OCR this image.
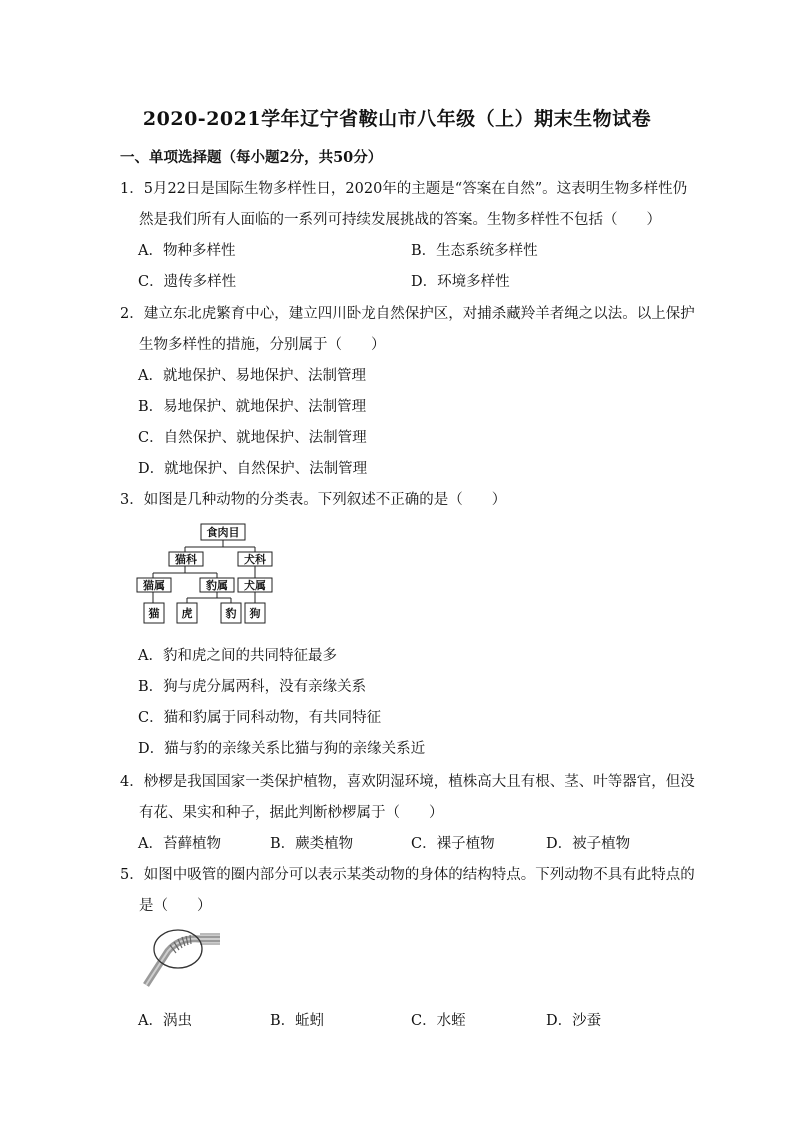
2020-2021学年辽宁省鞍山市八年级（上）期末生物试卷
一、单项选择题（每小题2分，共50分）
1．5月22日是国际生物多样性日，2020年的主题是“答案在自然”。这表明生物多样性仍
然是我们所有人面临的一系列可持续发展挑战的答案。生物多样性不包括（　　）
A．物种多样性	B．生态系统多样性
C．遗传多样性	D．环境多样性
2．建立东北虎繁育中心，建立四川卧龙自然保护区，对捕杀藏羚羊者绳之以法。以上保护
生物多样性的措施，分别属于（　　）
A．就地保护、易地保护、法制管理
B．易地保护、就地保护、法制管理
C．自然保护、就地保护、法制管理
D．就地保护、自然保护、法制管理
3．如图是几种动物的分类表。下列叙述不正确的是（　　）
食肉目
猫科	犬科
猫属	豹属 犬属
猫 虎	豹 狗
A．豹和虎之间的共同特征最多
B．狗与虎分属两科，没有亲缘关系
C．猫和豹属于同科动物，有共同特征
D．猫与豹的亲缘关系比猫与狗的亲缘关系近
4．桫椤是我国国家一类保护植物，喜欢阴湿环境，植株高大且有根、茎、叶等器官，但没
有花、果实和种子，据此判断桫椤属于（　　）
A．苔藓植物	B．蕨类植物	C．裸子植物	D．被子植物
5．如图中吸管的圈内部分可以表示某类动物的身体的结构特点。下列动物不具有此特点的
是（　　）
A．涡虫	B．蚯蚓	C．水蛭	D．沙蚕
